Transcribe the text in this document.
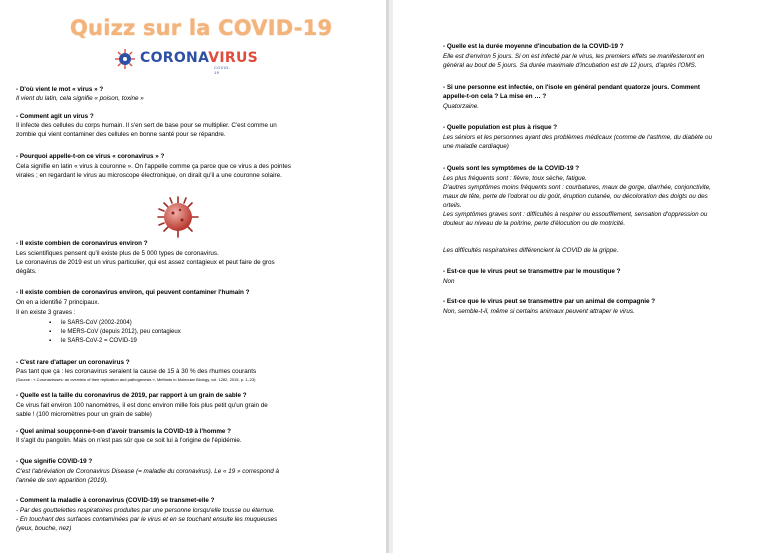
Quizz sur la COVID-19
CORONAVIRUS
COVID-19
- D'où vient le mot « virus » ?
Il vient du latin, cela signifie « poison, toxine »
- Comment agit un virus ?
Il infecte des cellules du corps humain. Il s'en sert de base pour se multiplier. C'est comme un
zombie qui vient contaminer des cellules en bonne santé pour se répandre.
- Pourquoi appelle-t-on ce virus « coronavirus » ?
Cela signifie en latin « virus à couronne ». On l'appelle comme ça parce que ce virus a des pointes
virales ; en regardant le virus au microscope électronique, on dirait qu'il a une couronne solaire.
- Il existe combien de coronavirus environ ?
Les scientifiques pensent qu'il existe plus de 5 000 types de coronavirus.
Le coronavirus de 2019 est un virus particulier, qui est assez contagieux et peut faire de gros
dégâts.
- Il existe combien de coronavirus environ, qui peuvent contaminer l'humain ?
On en a identifié 7 principaux.
Il en existe 3 graves :
▪ le SARS-CoV (2002-2004)
▪ le MERS-CoV (depuis 2012), peu contagieux
▪ le SARS-CoV-2 = COVID-19
- C'est rare d'attaper un coronavirus ?
Pas tant que ça : les coronavirus seraient la cause de 15 à 30 % des rhumes courants
(Source : « Coronaviruses: an overview of their replication and pathogenesis », Methods in Molecular Biology, vol. 1282, 2015, p. 1–23)
- Quelle est la taille du coronavirus de 2019, par rapport à un grain de sable ?
Ce virus fait environ 100 nanomètres, il est donc environ mille fois plus petit qu'un grain de
sable ! (100 micromètres pour un grain de sable)
- Quel animal soupçonne-t-on d'avoir transmis la COVID-19 à l'homme ?
Il s'agit du pangolin. Mais on n'est pas sûr que ce soit lui à l'origine de l'épidémie.
- Que signifie COVID-19 ?
C'est l'abréviation de Coronavirus Disease (= maladie du coronavirus). Le « 19 » correspond à
l'année de son apparition (2019).
- Comment la maladie à coronavirus (COVID-19) se transmet-elle ?
- Par des gouttelettes respiratoires produites par une personne lorsqu'elle tousse ou éternue.
- En touchant des surfaces contaminées par le virus et en se touchant ensuite les muqueuses
(yeux, bouche, nez)
- Quelle est la durée moyenne d'incubation de la COVID-19 ?
Elle est d'environ 5 jours. Si on est infecté par le virus, les premiers effets se manifesteront en
général au bout de 5 jours. Sa durée maximale d'incubation est de 12 jours, d'après l'OMS.
- Si une personne est infectée, on l'isole en général pendant quatorze jours. Comment
appelle-t-on cela ? La mise en … ?
Quatorzaine.
- Quelle population est plus à risque ?
Les séniors et les personnes ayant des problèmes médicaux (comme de l'asthme, du diabète ou
une maladie cardiaque)
- Quels sont les symptômes de la COVID-19 ?
Les plus fréquents sont : fièvre, toux sèche, fatigue.
D'autres symptômes moins fréquents sont : courbatures, maux de gorge, diarrhée, conjonctivite,
maux de tête, perte de l'odorat ou du goût, éruption cutanée, ou décoloration des doigts ou des
orteils.
Les symptômes graves sont : difficultés à respirer ou essoufflement, sensation d'oppression ou
douleur au niveau de la poitrine, perte d'élocution ou de motricité.
Les difficultés respiratoires différencient la COVID de la grippe.
- Est-ce que le virus peut se transmettre par le moustique ?
Non
- Est-ce que le virus peut se transmettre par un animal de compagnie ?
Non, semble-t-il, même si certains animaux peuvent attraper le virus.
